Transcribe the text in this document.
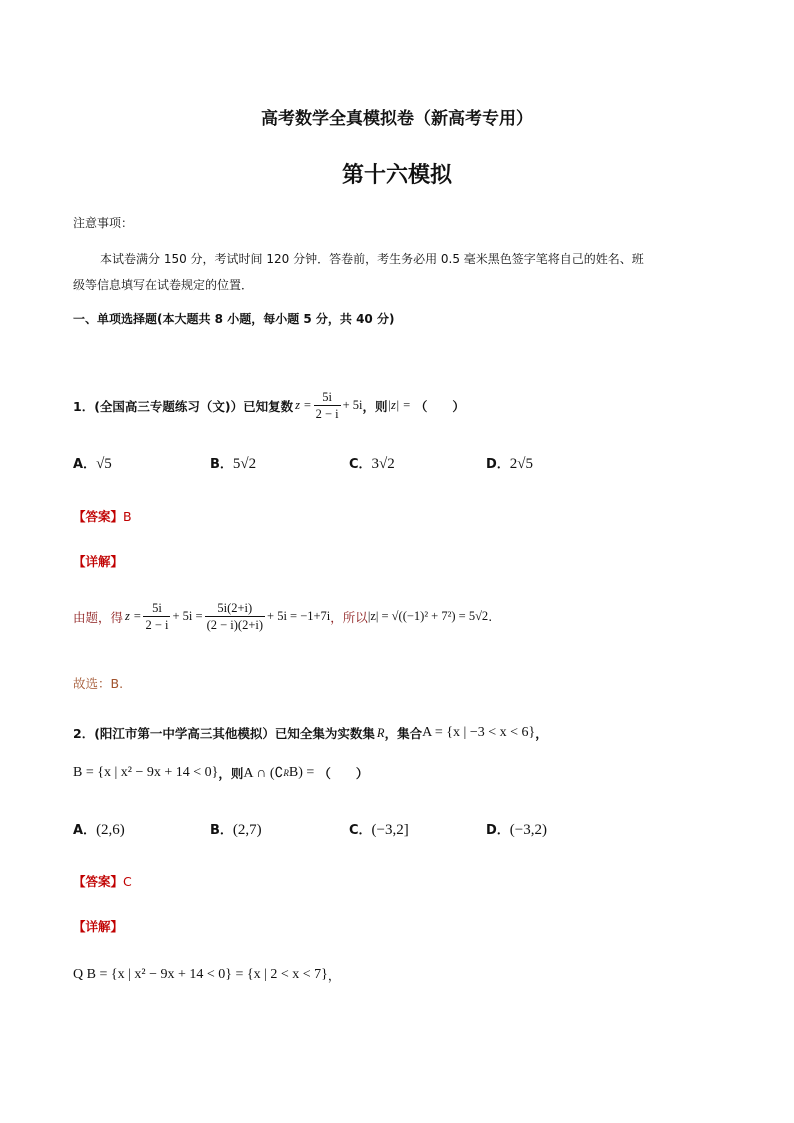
高考数学全真模拟卷（新高考专用）
第十六模拟
注意事项：
本试卷满分 150 分，考试时间 120 分钟．答卷前，考生务必用 0.5 毫米黑色签字笔将自己的姓名、班
级等信息填写在试卷规定的位置．
一、单项选择题(本大题共 8 小题，每小题 5 分，共 40 分)
1．(全国高三专题练习（文)）已知复数 $z = \frac{5i}{2 - i} + 5i$ ，则 |z| = （　　）
A． √5	B． 5√2	C． 3√2	D． 2√5
【答案】B
【详解】
由题，得 $z = \frac{5i}{2 - i} + 5i = \frac{5i(2+i)}{(2 - i)(2+i)} + 5i = -1+7i$ ，所以 |z| = √((−1)² + 7²) = 5√2 .
故选：B.
2．(阳江市第一中学高三其他模拟）已知全集为实数集 R ，集合 A = {x | −3 < x < 6} ，
B = {x | x² − 9x + 14 < 0} ，则 A ∩ (∁ R B) = （　　）
A． (2,6)	B． (2,7)	C． (−3,2]	D． (−3,2)
【答案】C
【详解】
Q B = {x | x² − 9x + 14 < 0} = {x | 2 < x < 7} ，
